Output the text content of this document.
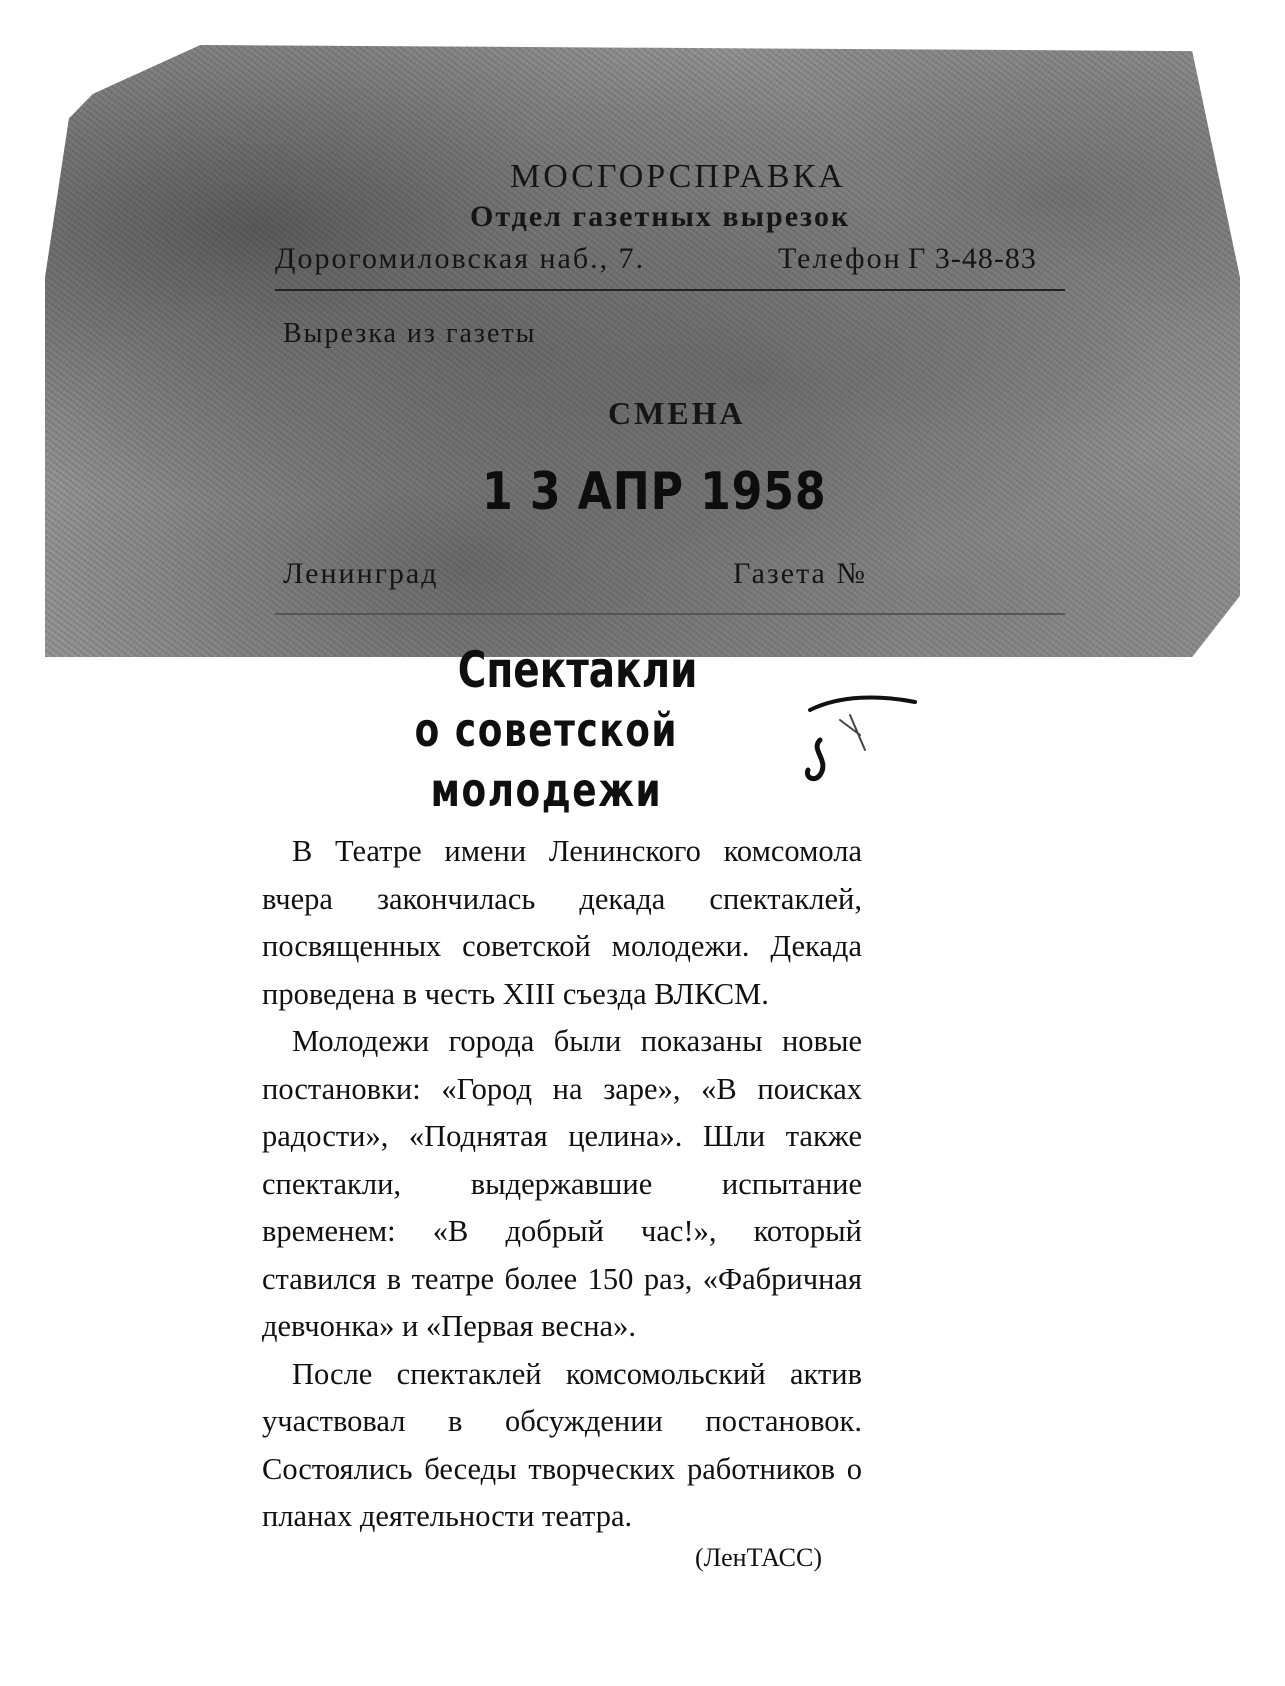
МОСГОРСПРАВКА
Отдел газетных вырезок
Дорогомиловская наб., 7.	Телефон Г 3-48-83
Вырезка из газеты
СМЕНА
1 3 АПР 1958
Ленинград	Газета №
Спектакли
о советской молодежи

В Театре имени Ленинского комсомола вчера закончилась декада спектаклей, посвященных советской молодежи. Декада проведена в честь XIII съезда ВЛКСМ.

Молодежи города были показаны новые постановки: «Город на заре», «В поисках радости», «Поднятая целина». Шли также спектакли, выдержавшие испытание временем: «В добрый час!», который ставился в театре более 150 раз, «Фабричная девчонка» и «Первая весна».

После спектаклей комсомольский актив участвовал в обсуждении постановок. Состоялись беседы творческих работников о планах деятельности театра.

(ЛенТАСС)
